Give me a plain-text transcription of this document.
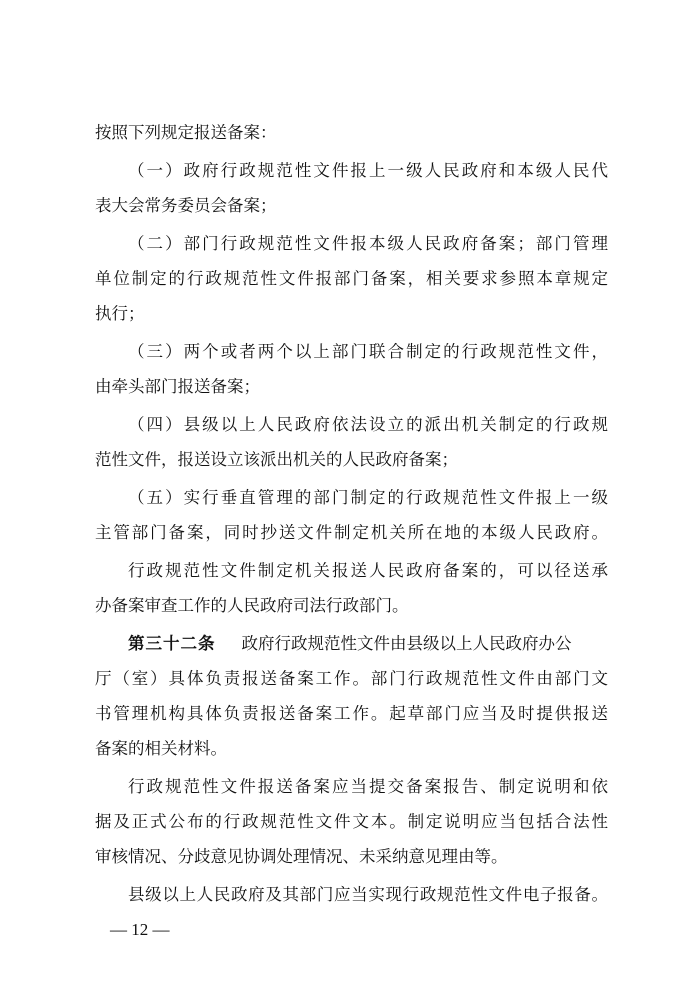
按照下列规定报送备案：
（一）政府行政规范性文件报上一级人民政府和本级人民代
表大会常务委员会备案；
（二）部门行政规范性文件报本级人民政府备案；部门管理
单位制定的行政规范性文件报部门备案，相关要求参照本章规定
执行；
（三）两个或者两个以上部门联合制定的行政规范性文件，
由牵头部门报送备案；
（四）县级以上人民政府依法设立的派出机关制定的行政规
范性文件，报送设立该派出机关的人民政府备案；
（五）实行垂直管理的部门制定的行政规范性文件报上一级
主管部门备案，同时抄送文件制定机关所在地的本级人民政府。
行政规范性文件制定机关报送人民政府备案的，可以径送承
办备案审查工作的人民政府司法行政部门。
第三十二条 政府行政规范性文件由县级以上人民政府办公
厅（室）具体负责报送备案工作。部门行政规范性文件由部门文
书管理机构具体负责报送备案工作。起草部门应当及时提供报送
备案的相关材料。
行政规范性文件报送备案应当提交备案报告、制定说明和依
据及正式公布的行政规范性文件文本。制定说明应当包括合法性
审核情况、分歧意见协调处理情况、未采纳意见理由等。
县级以上人民政府及其部门应当实现行政规范性文件电子报备。
— 12 —
